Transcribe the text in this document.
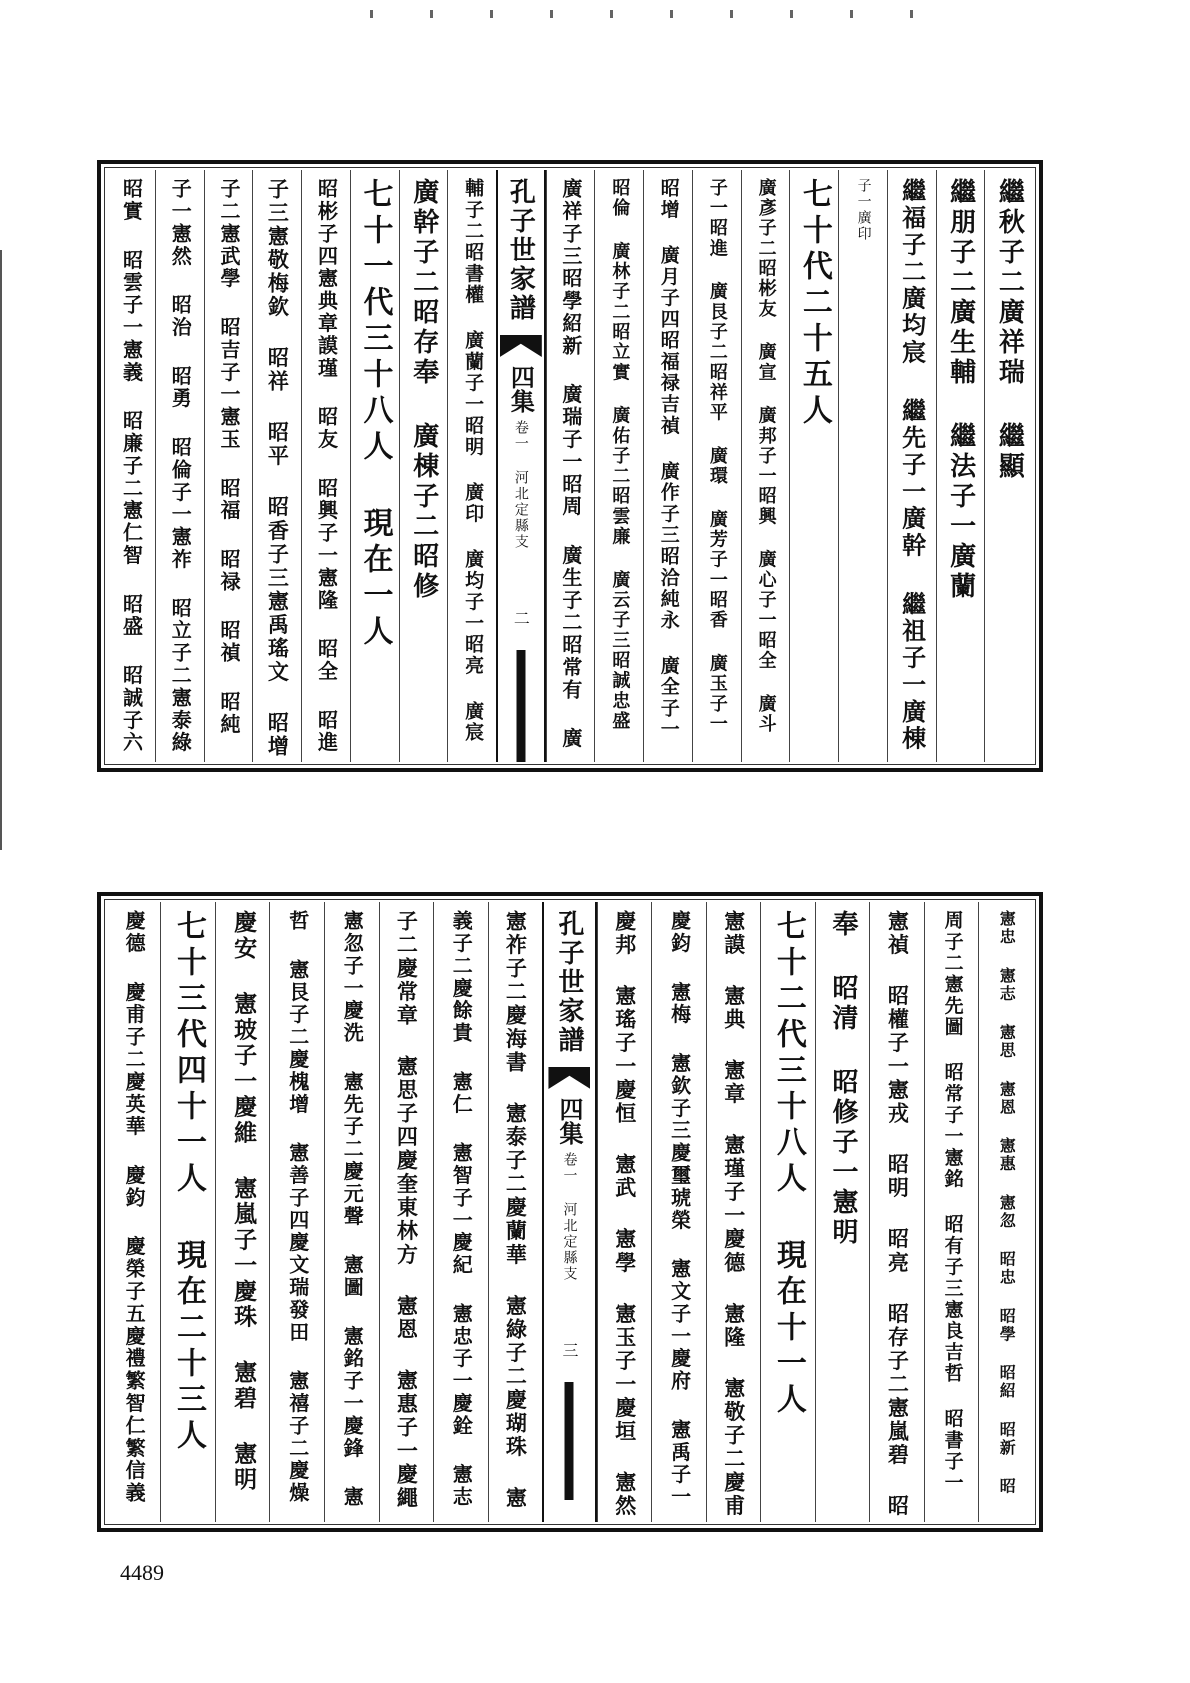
繼秋子二廣祥瑞 繼顯
繼朋子二廣生輔 繼法子一廣蘭
繼福子二廣均宸 繼先子一廣幹 繼祖子一廣棟
子一廣印
七十代二十五人
廣彥子二昭彬友 廣宣 廣邦子一昭興 廣心子一昭全 廣斗
子一昭進 廣艮子二昭祥平 廣環 廣芳子一昭香 廣玉子一
昭增 廣月子四昭福禄吉禎 廣作子三昭洽純永 廣全子一
昭倫 廣林子二昭立實 廣佑子二昭雲廉 廣云子三昭誠忠盛
廣祥子三昭學紹新 廣瑞子一昭周 廣生子二昭常有 廣
孔子世家譜
四集
卷一 河北定縣支
二
輔子二昭書權 廣蘭子一昭明 廣印 廣均子一昭亮 廣宸
廣幹子二昭存奉 廣棟子二昭修
七十一代三十八人 現在一人
昭彬子四憲典章謨瑾 昭友 昭興子一憲隆 昭全 昭進
子三憲敬梅欽 昭祥 昭平 昭香子三憲禹瑤文 昭增
子二憲武學 昭吉子一憲玉 昭福 昭禄 昭禎 昭純
子一憲然 昭治 昭勇 昭倫子一憲祚 昭立子二憲泰綠
昭實 昭雲子一憲義 昭廉子二憲仁智 昭盛 昭誠子六
憲忠 憲志 憲思 憲恩 憲惠 憲忽 昭忠 昭學 昭紹 昭新 昭
周子二憲先圖 昭常子一憲銘 昭有子三憲良吉哲 昭書子一
憲禎 昭權子一憲戎 昭明 昭亮 昭存子二憲嵐碧 昭
奉 昭清 昭修子一憲明
七十二代三十八人 現在十一人
憲謨 憲典 憲章 憲瑾子一慶德 憲隆 憲敬子二慶甫
慶鈞 憲梅 憲欽子三慶璽琥榮 憲文子一慶府 憲禹子一
慶邦 憲瑤子一慶恒 憲武 憲學 憲玉子一慶垣 憲然
孔子世家譜
四集
卷一 河北定縣支
三
憲祚子二慶海書 憲泰子二慶蘭華 憲綠子二慶瑚珠 憲
義子二慶餘貴 憲仁 憲智子一慶紀 憲忠子一慶銓 憲志
子二慶常章 憲思子四慶奎東林方 憲恩 憲惠子一慶繩
憲忽子一慶洗 憲先子二慶元聲 憲圖 憲銘子一慶鋒 憲
哲 憲艮子二慶槐增 憲善子四慶文瑞發田 憲禧子二慶燥
慶安 憲玻子一慶維 憲嵐子一慶珠 憲碧 憲明
七十三代四十一人 現在二十三人
慶德 慶甫子二慶英華 慶鈞 慶榮子五慶禮繁智仁繁信義
4489
